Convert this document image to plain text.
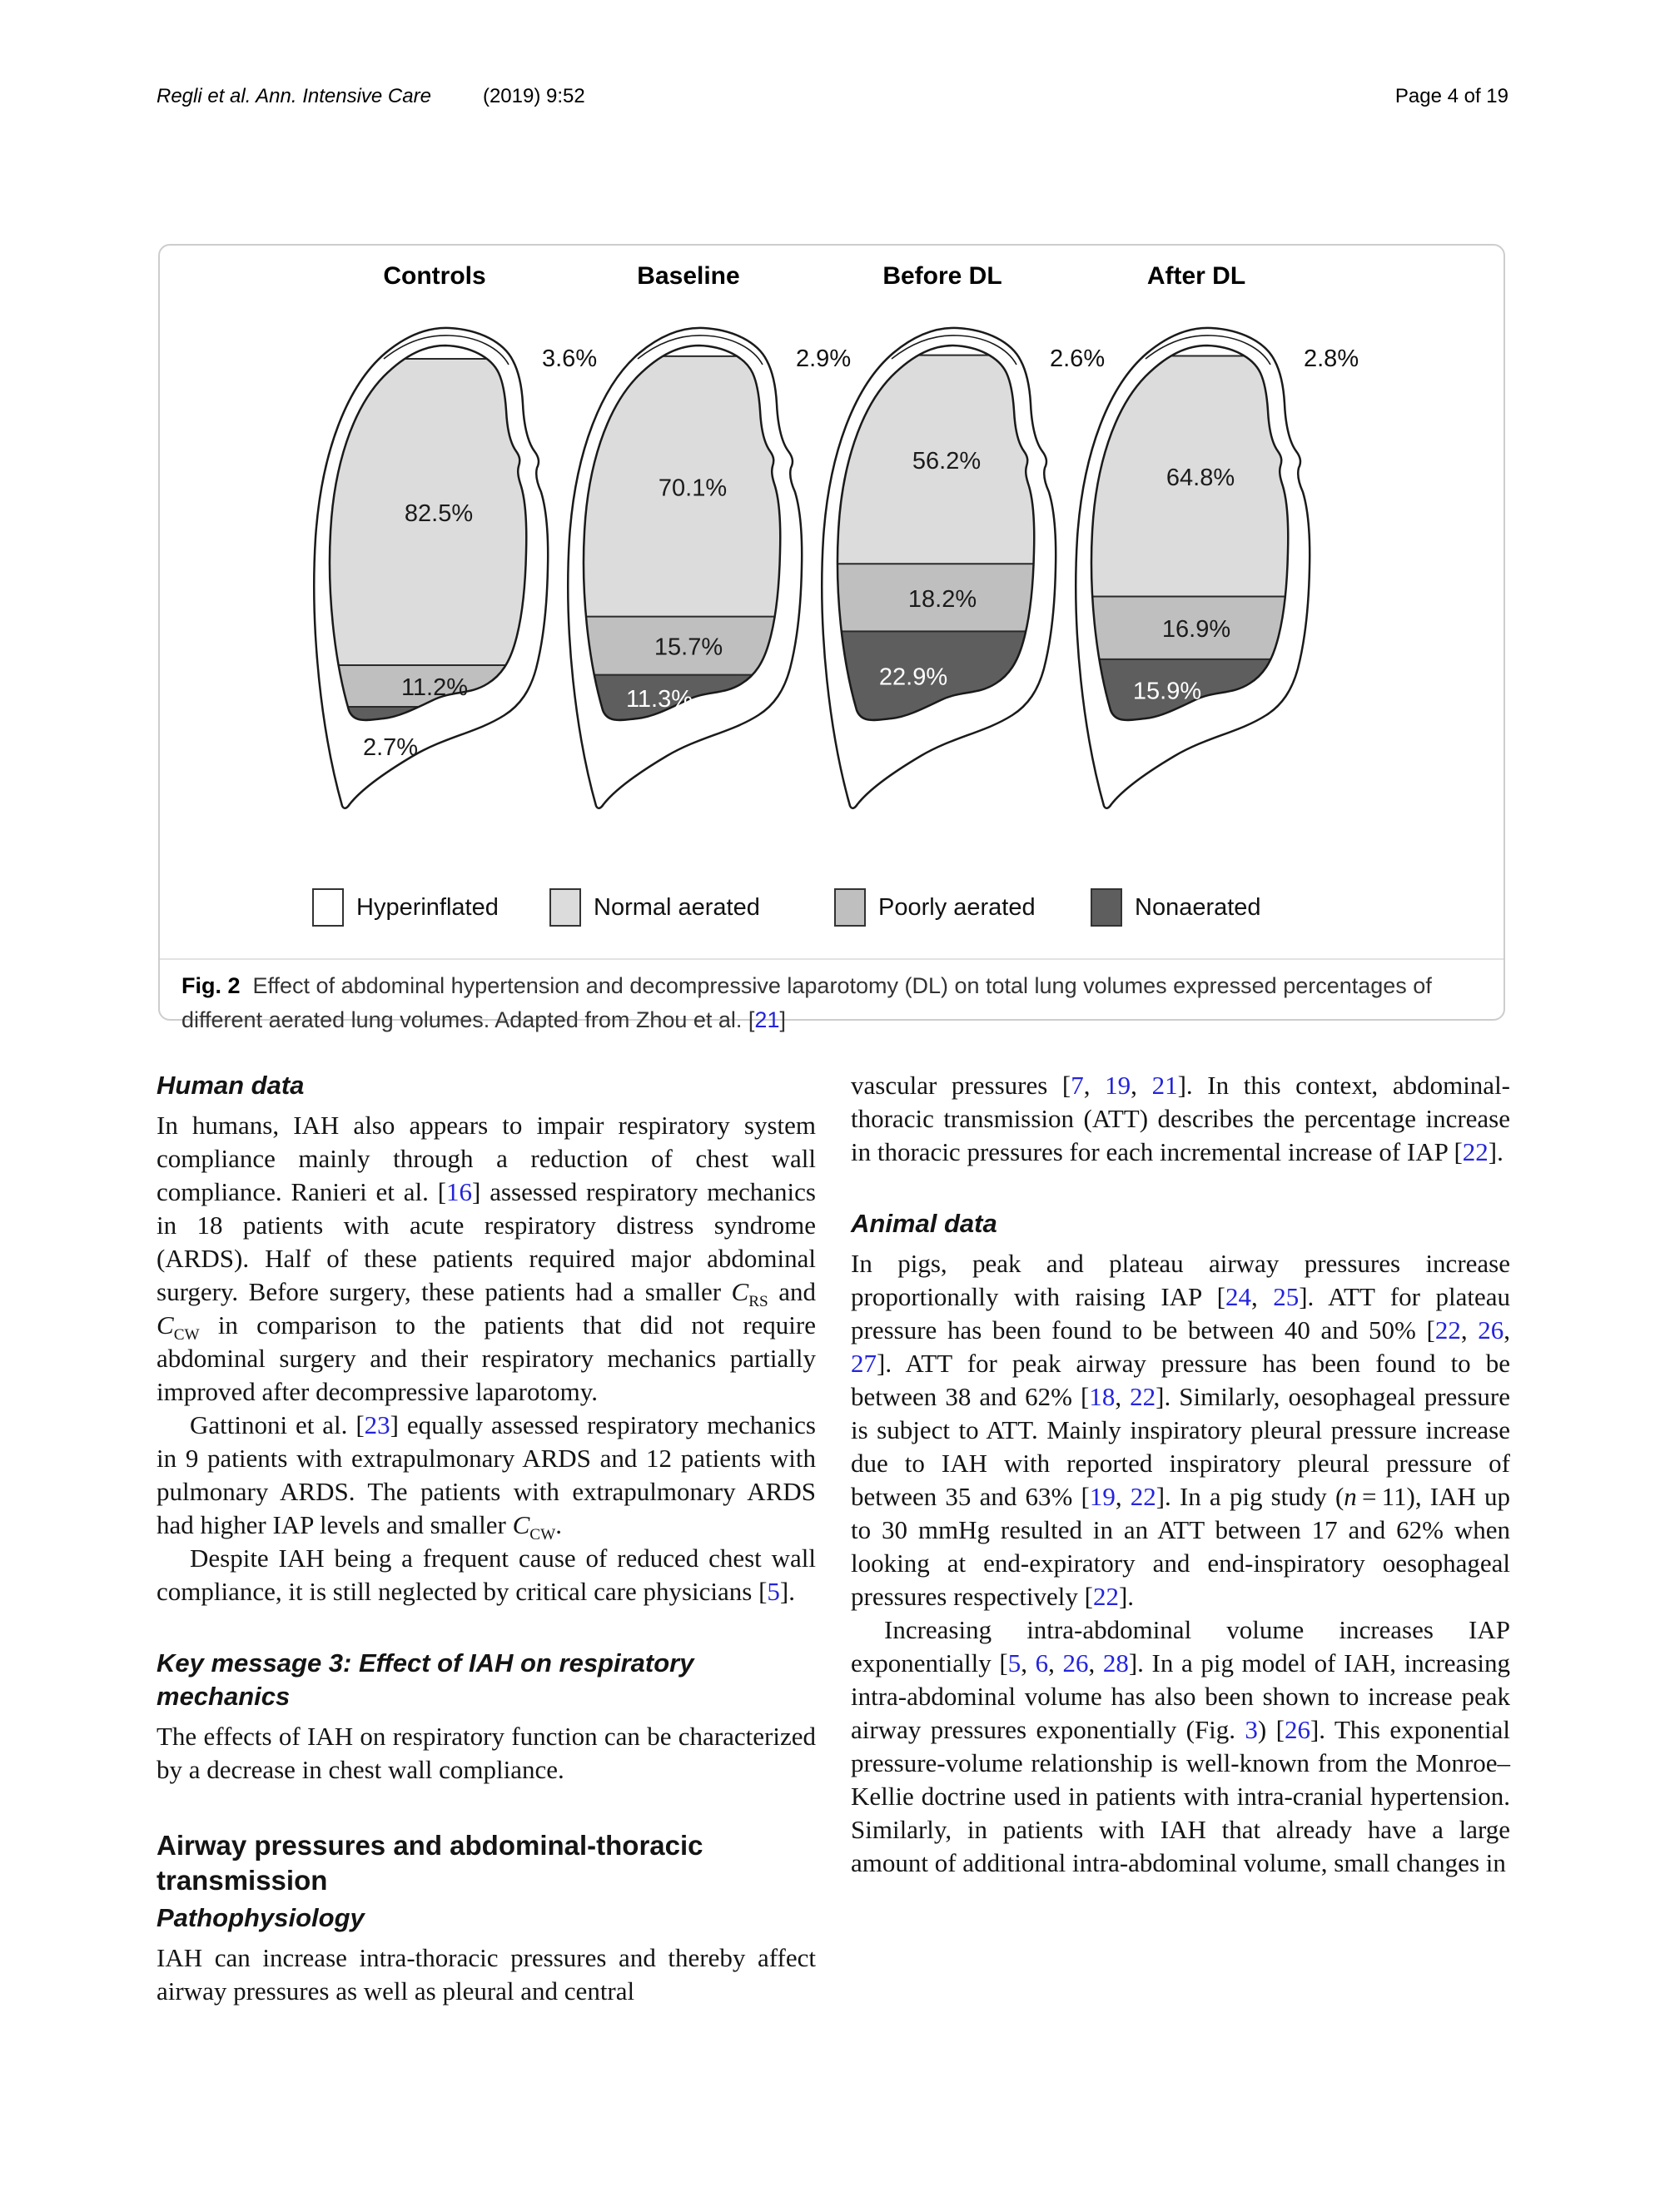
Regli et al. Ann. Intensive Care	(2019) 9:52	Page 4 of 19
Controls	Baseline	Before DL	After DL
82.5%
11.2%
2.7%
3.6%
70.1%
15.7%
11.3%
2.9%
56.2%
18.2%
22.9%
2.6%
64.8%
16.9%
15.9%
2.8%
Hyperinflated	Normal aerated	Poorly aerated	Nonaerated
Fig. 2  Effect of abdominal hypertension and decompressive laparotomy (DL) on total lung volumes expressed percentages of different aerated lung volumes. Adapted from Zhou et al. [21]
Human data

In humans, IAH also appears to impair respiratory system compliance mainly through a reduction of chest wall compliance. Ranieri et al. [16] assessed respiratory mechanics in 18 patients with acute respiratory distress syndrome (ARDS). Half of these patients required major abdominal surgery. Before surgery, these patients had a smaller $C_{RS}$ and $C_{CW}$ in comparison to the patients that did not require abdominal surgery and their respiratory mechanics partially improved after decompressive laparotomy.

Gattinoni et al. [23] equally assessed respiratory mechanics in 9 patients with extrapulmonary ARDS and 12 patients with pulmonary ARDS. The patients with extrapulmonary ARDS had higher IAP levels and smaller $C_{CW}$.

Despite IAH being a frequent cause of reduced chest wall compliance, it is still neglected by critical care physicians [5].

Key message 3: Effect of IAH on respiratory mechanics

The effects of IAH on respiratory function can be characterized by a decrease in chest wall compliance.

Airway pressures and abdominal-thoracic transmission
Pathophysiology

IAH can increase intra-thoracic pressures and thereby affect airway pressures as well as pleural and central

vascular pressures [7, 19, 21]. In this context, abdominal-thoracic transmission (ATT) describes the percentage increase in thoracic pressures for each incremental increase of IAP [22].

Animal data

In pigs, peak and plateau airway pressures increase proportionally with raising IAP [24, 25]. ATT for plateau pressure has been found to be between 40 and 50% [22, 26, 27]. ATT for peak airway pressure has been found to be between 38 and 62% [18, 22]. Similarly, oesophageal pressure is subject to ATT. Mainly inspiratory pleural pressure increase due to IAH with reported inspiratory pleural pressure of between 35 and 63% [19, 22]. In a pig study (n = 11), IAH up to 30 mmHg resulted in an ATT between 17 and 62% when looking at end-expiratory and end-inspiratory oesophageal pressures respectively [22].

Increasing intra-abdominal volume increases IAP exponentially [5, 6, 26, 28]. In a pig model of IAH, increasing intra-abdominal volume has also been shown to increase peak airway pressures exponentially (Fig. 3) [26]. This exponential pressure-volume relationship is well-known from the Monroe–Kellie doctrine used in patients with intra-cranial hypertension. Similarly, in patients with IAH that already have a large amount of additional intra-abdominal volume, small changes in
